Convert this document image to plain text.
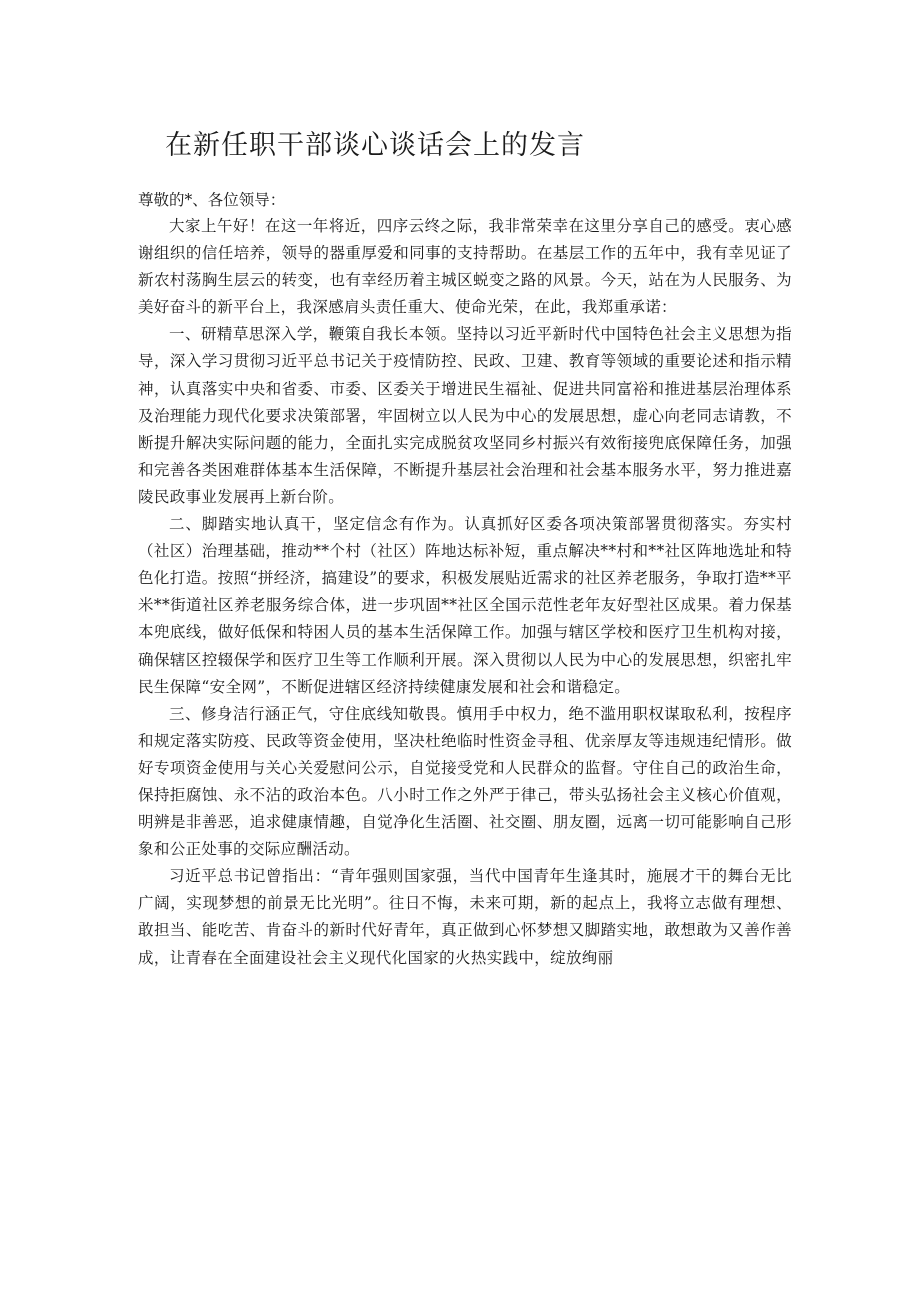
在新任职干部谈心谈话会上的发言

尊敬的*、各位领导：

大家上午好！在这一年将近，四序云终之际，我非常荣幸在这里分享自己的感受。衷心感谢组织的信任培养，领导的器重厚爱和同事的支持帮助。在基层工作的五年中，我有幸见证了新农村荡胸生层云的转变，也有幸经历着主城区蜕变之路的风景。今天，站在为人民服务、为美好奋斗的新平台上，我深感肩头责任重大、使命光荣，在此，我郑重承诺：

一、研精草思深入学，鞭策自我长本领。坚持以习近平新时代中国特色社会主义思想为指导，深入学习贯彻习近平总书记关于疫情防控、民政、卫建、教育等领域的重要论述和指示精神，认真落实中央和省委、市委、区委关于增进民生福祉、促进共同富裕和推进基层治理体系及治理能力现代化要求决策部署，牢固树立以人民为中心的发展思想，虚心向老同志请教，不断提升解决实际问题的能力，全面扎实完成脱贫攻坚同乡村振兴有效衔接兜底保障任务，加强和完善各类困难群体基本生活保障，不断提升基层社会治理和社会基本服务水平，努力推进嘉陵民政事业发展再上新台阶。

二、脚踏实地认真干，坚定信念有作为。认真抓好区委各项决策部署贯彻落实。夯实村（社区）治理基础，推动**个村（社区）阵地达标补短，重点解决**村和**社区阵地选址和特色化打造。按照“拼经济，搞建设”的要求，积极发展贴近需求的社区养老服务，争取打造**平米**街道社区养老服务综合体，进一步巩固**社区全国示范性老年友好型社区成果。着力保基本兜底线，做好低保和特困人员的基本生活保障工作。加强与辖区学校和医疗卫生机构对接，确保辖区控辍保学和医疗卫生等工作顺利开展。深入贯彻以人民为中心的发展思想，织密扎牢民生保障“安全网”，不断促进辖区经济持续健康发展和社会和谐稳定。

三、修身洁行涵正气，守住底线知敬畏。慎用手中权力，绝不滥用职权谋取私利，按程序和规定落实防疫、民政等资金使用，坚决杜绝临时性资金寻租、优亲厚友等违规违纪情形。做好专项资金使用与关心关爱慰问公示，自觉接受党和人民群众的监督。守住自己的政治生命，保持拒腐蚀、永不沾的政治本色。八小时工作之外严于律己，带头弘扬社会主义核心价值观，明辨是非善恶，追求健康情趣，自觉净化生活圈、社交圈、朋友圈，远离一切可能影响自己形象和公正处事的交际应酬活动。

习近平总书记曾指出：“青年强则国家强，当代中国青年生逢其时，施展才干的舞台无比广阔，实现梦想的前景无比光明”。往日不悔，未来可期，新的起点上，我将立志做有理想、敢担当、能吃苦、肯奋斗的新时代好青年，真正做到心怀梦想又脚踏实地，敢想敢为又善作善成，让青春在全面建设社会主义现代化国家的火热实践中，绽放绚丽
